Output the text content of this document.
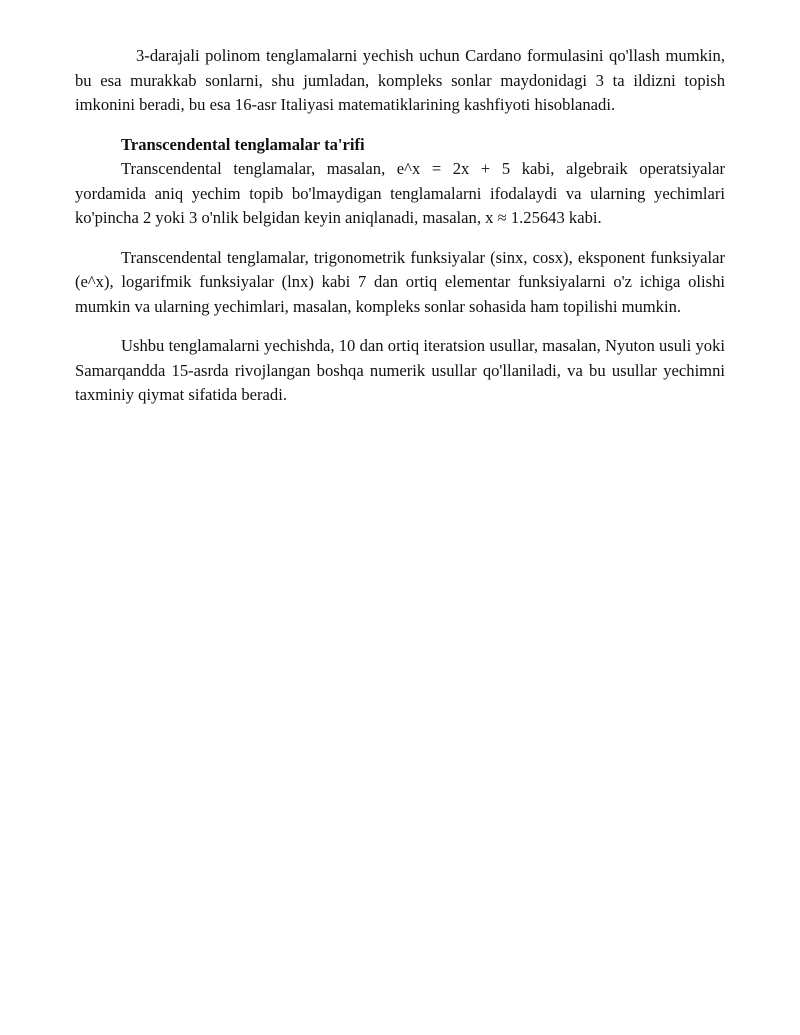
3-darajali polinom tenglamalarni yechish uchun Cardano formulasini qo'llash mumkin, bu esa murakkab sonlarni, shu jumladan, kompleks sonlar maydonidagi 3 ta ildizni topish imkonini beradi, bu esa 16-asr Italiyasi matematiklarining kashfiyoti hisoblanadi.

Transcendental tenglamalar ta'rifi

Transcendental tenglamalar, masalan, e^x = 2x + 5 kabi, algebraik operatsiyalar yordamida aniq yechim topib bo'lmaydigan tenglamalarni ifodalaydi va ularning yechimlari ko'pincha 2 yoki 3 o'nlik belgidan keyin aniqlanadi, masalan, x ≈ 1.25643 kabi.

Transcendental tenglamalar, trigonometrik funksiyalar (sinx, cosx), eksponent funksiyalar (e^x), logarifmik funksiyalar (lnx) kabi 7 dan ortiq elementar funksiyalarni o'z ichiga olishi mumkin va ularning yechimlari, masalan, kompleks sonlar sohasida ham topilishi mumkin.

Ushbu tenglamalarni yechishda, 10 dan ortiq iteratsion usullar, masalan, Nyuton usuli yoki Samarqandda 15-asrda rivojlangan boshqa numerik usullar qo'llaniladi, va bu usullar yechimni taxminiy qiymat sifatida beradi.
